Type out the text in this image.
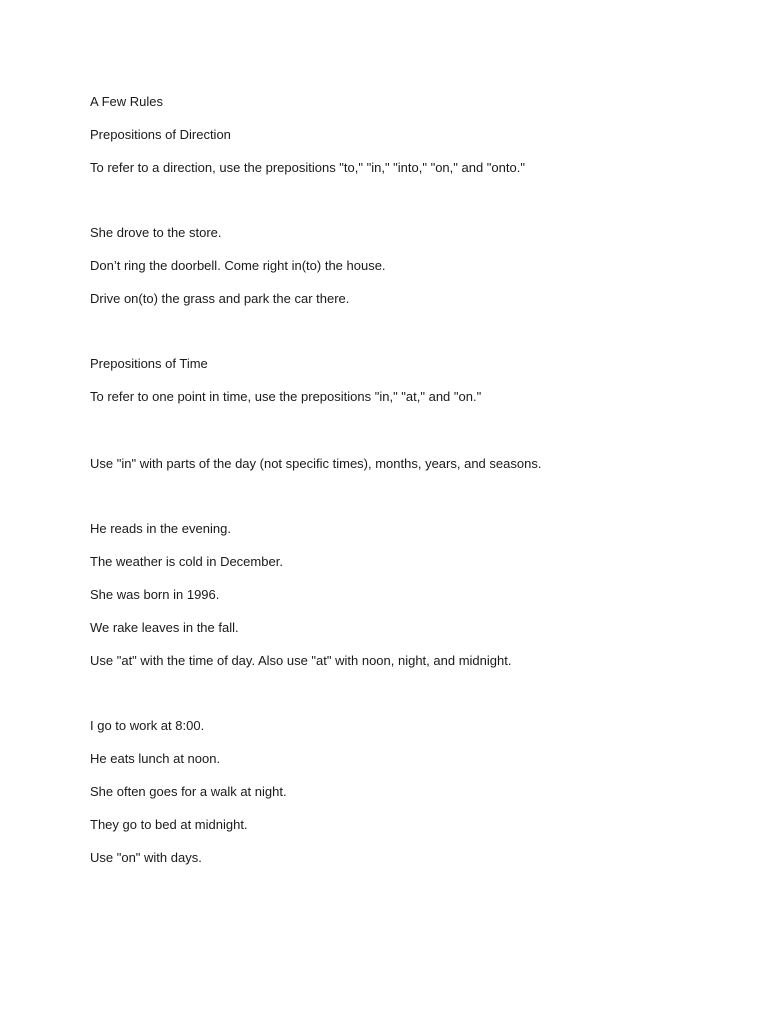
A Few Rules

Prepositions of Direction

To refer to a direction, use the prepositions "to," "in," "into," "on," and "onto."

She drove to the store.

Don’t ring the doorbell. Come right in(to) the house.

Drive on(to) the grass and park the car there.

Prepositions of Time

To refer to one point in time, use the prepositions "in," "at," and "on."

Use "in" with parts of the day (not specific times), months, years, and seasons.

He reads in the evening.

The weather is cold in December.

She was born in 1996.

We rake leaves in the fall.

Use "at" with the time of day. Also use "at" with noon, night, and midnight.

I go to work at 8:00.

He eats lunch at noon.

She often goes for a walk at night.

They go to bed at midnight.

Use "on" with days.
